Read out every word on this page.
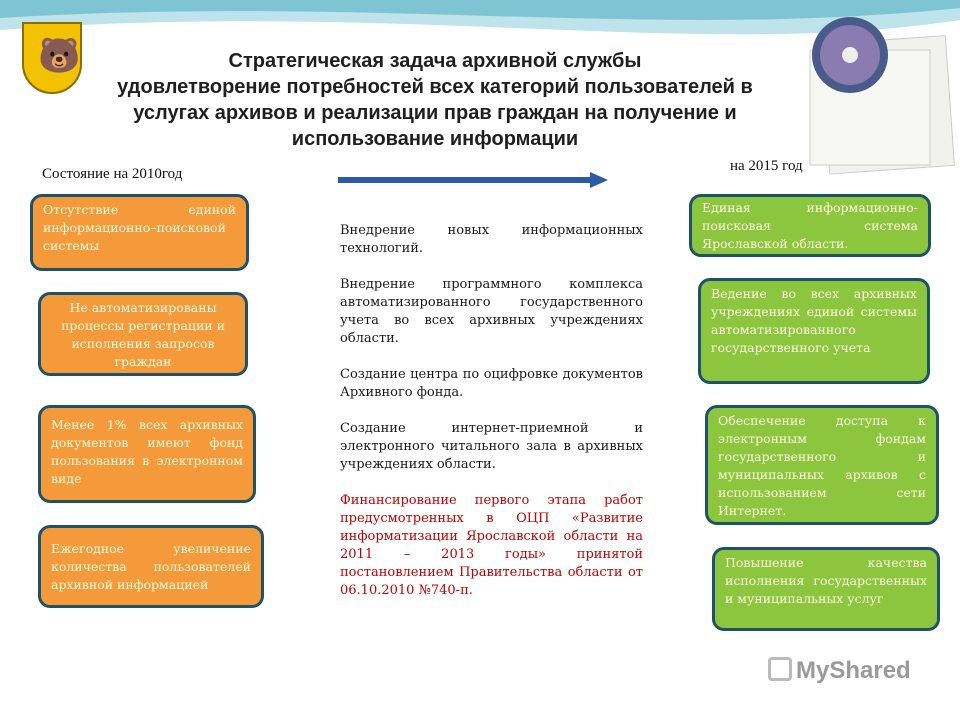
🐻	Стратегическая задача архивной службы
удовлетворение потребностей всех категорий пользователей в услугах архивов и реализации прав граждан на получение и использование информации
Состояние на 2010год	на 2015 год
Отсутствие единой информационно–поисковой системы
Не автоматизированы процессы регистрации и исполнения запросов граждан
Менее 1% всех архивных документов имеют фонд пользования в электронном виде
Ежегодное увеличение количества пользователей архивной информацией

Внедрение новых информационных технологий.

Внедрение программного комплекса автоматизированного государственного учета во всех архивных учреждениях области.

Создание центра по оцифровке документов Архивного фонда.

Создание интернет-приемной и электронного читального зала в архивных учреждениях области.

Финансирование первого этапа работ предусмотренных в ОЦП «Развитие информатизации Ярославской области на 2011 – 2013 годы» принятой постановлением Правительства области от 06.10.2010 №740-п.

Единая информационно-поисковая система Ярославской области.
Ведение во всех архивных учреждениях единой системы автоматизированного государственного учета
Обеспечение доступа к электронным фондам государственного и муниципальных архивов с использованием сети Интернет.
Повышение качества исполнения государственных и муниципальных услуг
MyShared
